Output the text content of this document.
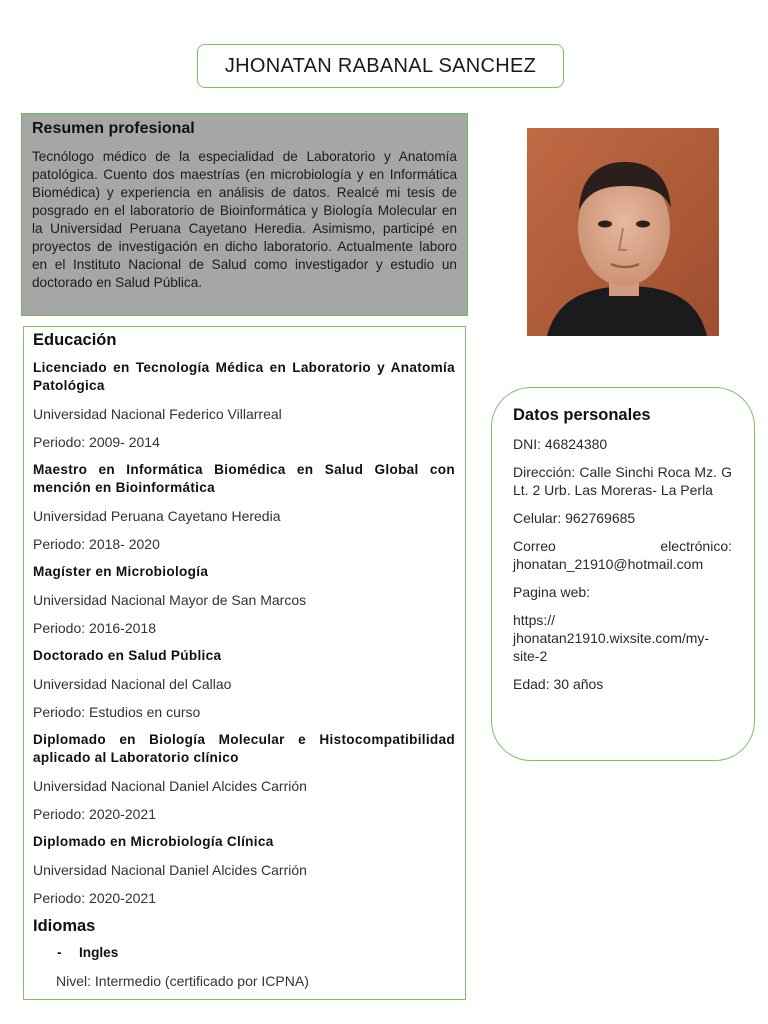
JHONATAN RABANAL SANCHEZ
Resumen profesional

Tecnólogo médico de la especialidad de Laboratorio y Anatomía patológica. Cuento dos maestrías (en microbiología y en Informática Biomédica) y experiencia en análisis de datos. Realcé mi tesis de posgrado en el laboratorio de Bioinformática y Biología Molecular en la Universidad Peruana Cayetano Heredia. Asimismo, participé en proyectos de investigación en dicho laboratorio. Actualmente laboro en el Instituto Nacional de Salud como investigador y estudio un doctorado en Salud Pública.

Datos personales

DNI: 46824380

Dirección: Calle Sinchi Roca Mz. G Lt. 2 Urb. Las Moreras- La Perla

Celular: 962769685

Correo electrónico:
jhonatan_21910@hotmail.com

Pagina web:

https:// jhonatan21910.wixsite.com/my-site-2

Edad: 30 años

Educación

Licenciado en Tecnología Médica en Laboratorio y Anatomía Patológica

Universidad Nacional Federico Villarreal

Periodo: 2009- 2014

Maestro en Informática Biomédica en Salud Global con mención en Bioinformática

Universidad Peruana Cayetano Heredia

Periodo: 2018- 2020

Magíster en Microbiología

Universidad Nacional Mayor de San Marcos

Periodo: 2016-2018

Doctorado en Salud Pública

Universidad Nacional del Callao

Periodo: Estudios en curso

Diplomado en Biología Molecular e Histocompatibilidad aplicado al Laboratorio clínico

Universidad Nacional Daniel Alcides Carrión

Periodo: 2020-2021

Diplomado en Microbiología Clínica

Universidad Nacional Daniel Alcides Carrión

Periodo: 2020-2021

Idiomas

- Ingles

Nivel: Intermedio (certificado por ICPNA)
